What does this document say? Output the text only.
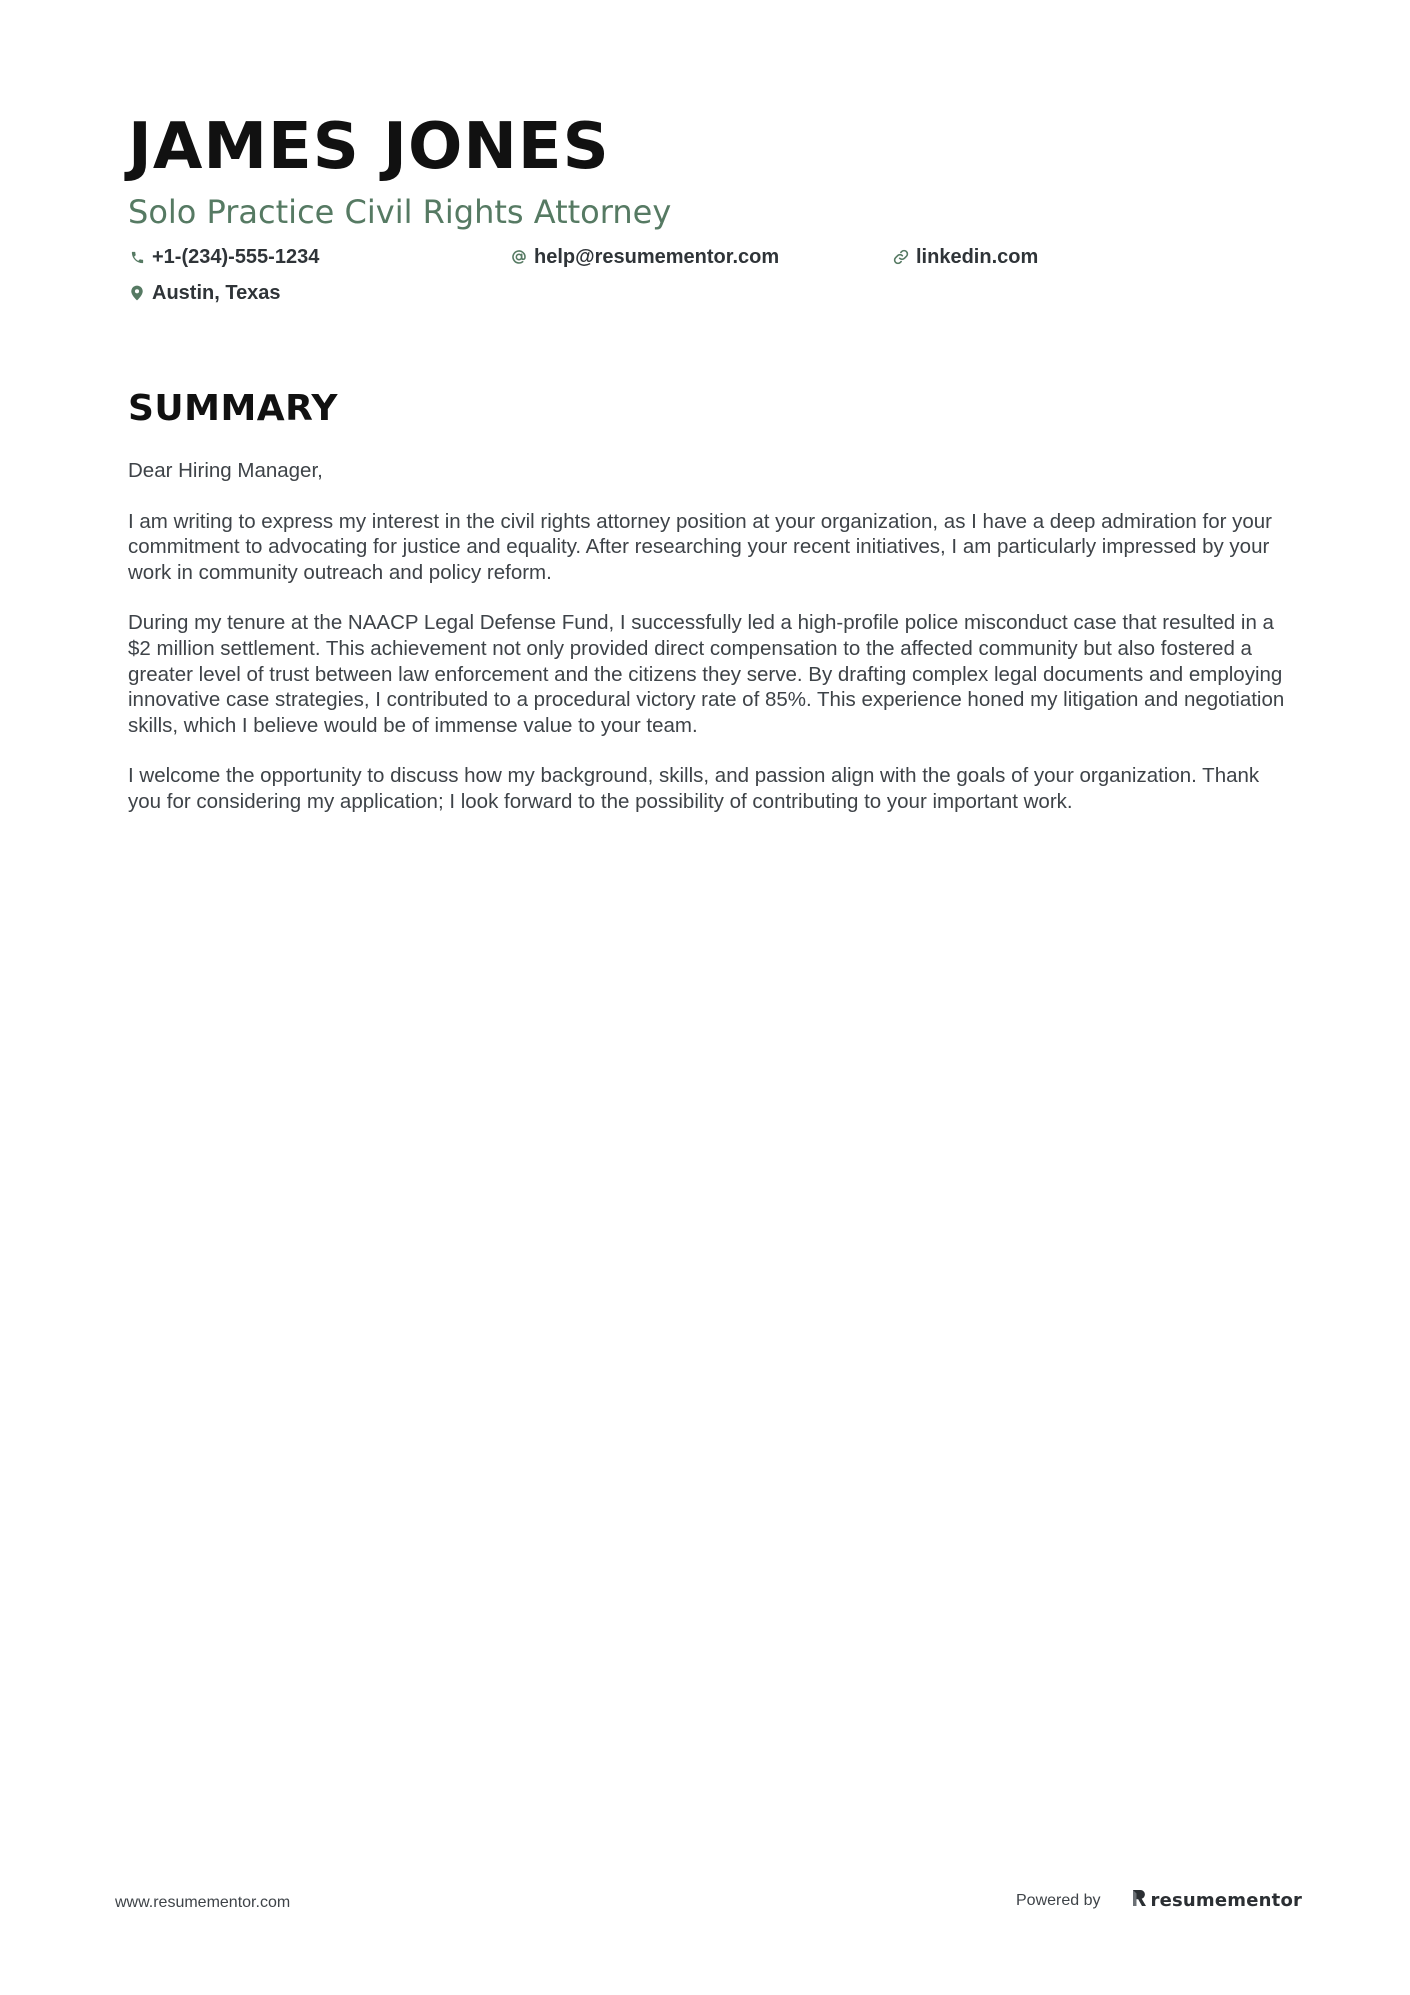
JAMES JONES
Solo Practice Civil Rights Attorney
+1-(234)-555-1234	help@resumementor.com	linkedin.com
Austin, Texas
SUMMARY

Dear Hiring Manager,

I am writing to express my interest in the civil rights attorney position at your organization, as I have a deep admiration for your commitment to advocating for justice and equality. After researching your recent initiatives, I am particularly impressed by your work in community outreach and policy reform.

During my tenure at the NAACP Legal Defense Fund, I successfully led a high-profile police misconduct case that resulted in a $2 million settlement. This achievement not only provided direct compensation to the affected community but also fostered a greater level of trust between law enforcement and the citizens they serve. By drafting complex legal documents and employing innovative case strategies, I contributed to a procedural victory rate of 85%. This experience honed my litigation and negotiation skills, which I believe would be of immense value to your team.

I welcome the opportunity to discuss how my background, skills, and passion align with the goals of your organization. Thank you for considering my application; I look forward to the possibility of contributing to your important work.

www.resumementor.com	Powered by	resumementor
